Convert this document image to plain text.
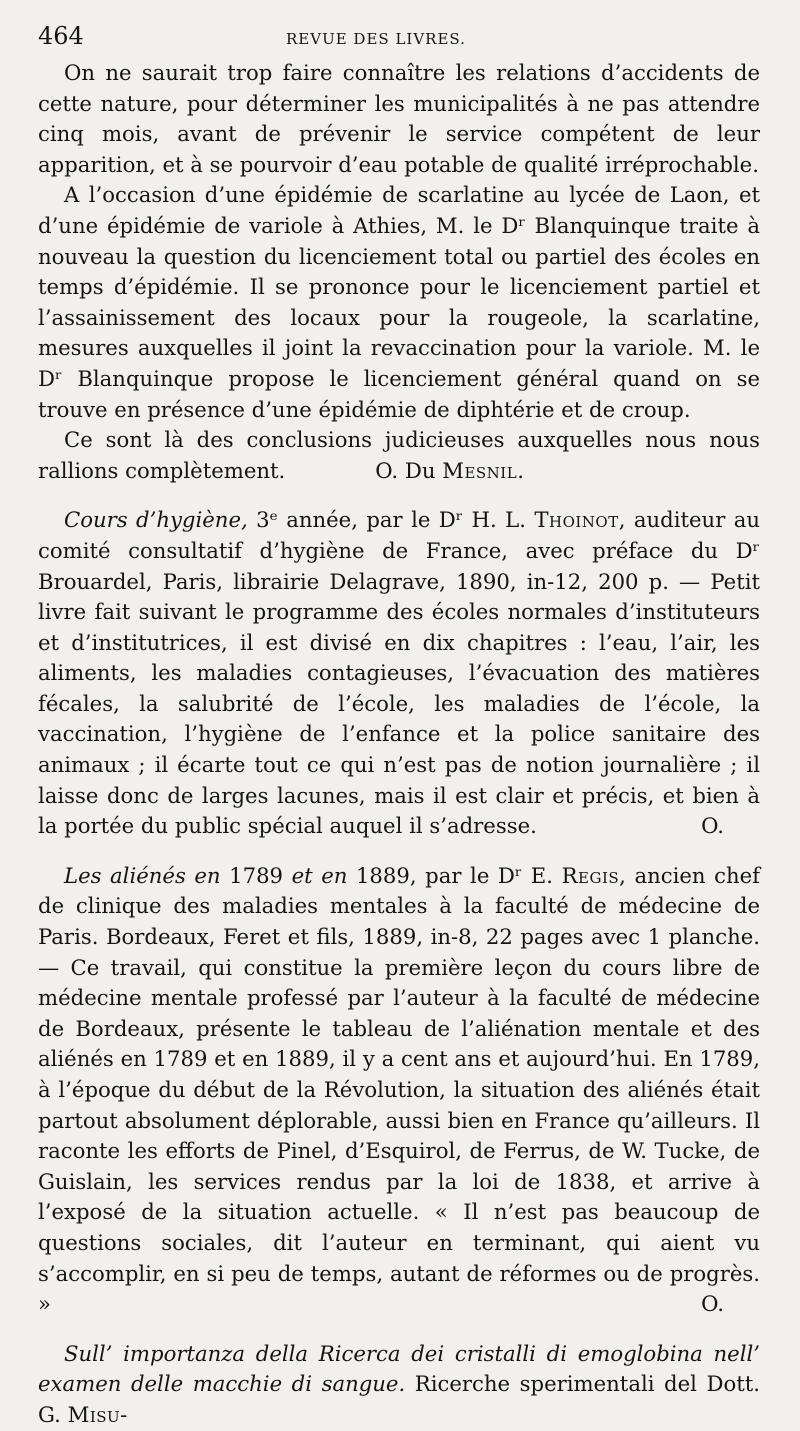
464	REVUE DES LIVRES.

On ne saurait trop faire connaître les relations d’accidents de cette nature, pour déterminer les municipalités à ne pas attendre cinq mois, avant de prévenir le service compétent de leur apparition, et à se pourvoir d’eau potable de qualité irréprochable.

A l’occasion d’une épidémie de scarlatine au lycée de Laon, et d’une épidémie de variole à Athies, M. le Dʳ Blanquinque traite à nouveau la question du licenciement total ou partiel des écoles en temps d’épidémie. Il se prononce pour le licenciement partiel et l’assainissement des locaux pour la rougeole, la scarlatine, mesures auxquelles il joint la revaccination pour la variole. M. le Dʳ Blanquinque propose le licenciement général quand on se trouve en présence d’une épidémie de diphtérie et de croup.

Ce sont là des conclusions judicieuses auxquelles nous nous rallions complètement.	O. Du Mesnil.

Cours d’hygiène, 3ᵉ année, par le Dʳ H. L. Thoinot, auditeur au comité consultatif d’hygiène de France, avec préface du Dʳ Brouardel, Paris, librairie Delagrave, 1890, in-12, 200 p. — Petit livre fait suivant le programme des écoles normales d’instituteurs et d’institutrices, il est divisé en dix chapitres : l’eau, l’air, les aliments, les maladies contagieuses, l’évacuation des matières fécales, la salubrité de l’école, les maladies de l’école, la vaccination, l’hygiène de l’enfance et la police sanitaire des animaux ; il écarte tout ce qui n’est pas de notion journalière ; il laisse donc de larges lacunes, mais il est clair et précis, et bien à la portée du public spécial auquel il s’adresse.	O.

Les aliénés en 1789 et en 1889, par le Dʳ E. Regis, ancien chef de clinique des maladies mentales à la faculté de médecine de Paris. Bordeaux, Feret et fils, 1889, in-8, 22 pages avec 1 planche. — Ce travail, qui constitue la première leçon du cours libre de médecine mentale professé par l’auteur à la faculté de médecine de Bordeaux, présente le tableau de l’aliénation mentale et des aliénés en 1789 et en 1889, il y a cent ans et aujourd’hui. En 1789, à l’époque du début de la Révolution, la situation des aliénés était partout absolument déplorable, aussi bien en France qu’ailleurs. Il raconte les efforts de Pinel, d’Esquirol, de Ferrus, de W. Tucke, de Guislain, les services rendus par la loi de 1838, et arrive à l’exposé de la situation actuelle. « Il n’est pas beaucoup de questions sociales, dit l’auteur en terminant, qui aient vu s’accomplir, en si peu de temps, autant de réformes ou de progrès. »	O.

Sull’ importanza della Ricerca dei cristalli di emoglobina nell’ examen delle macchie di sangue. Ricerche sperimentali del Dott. G. Misu-
